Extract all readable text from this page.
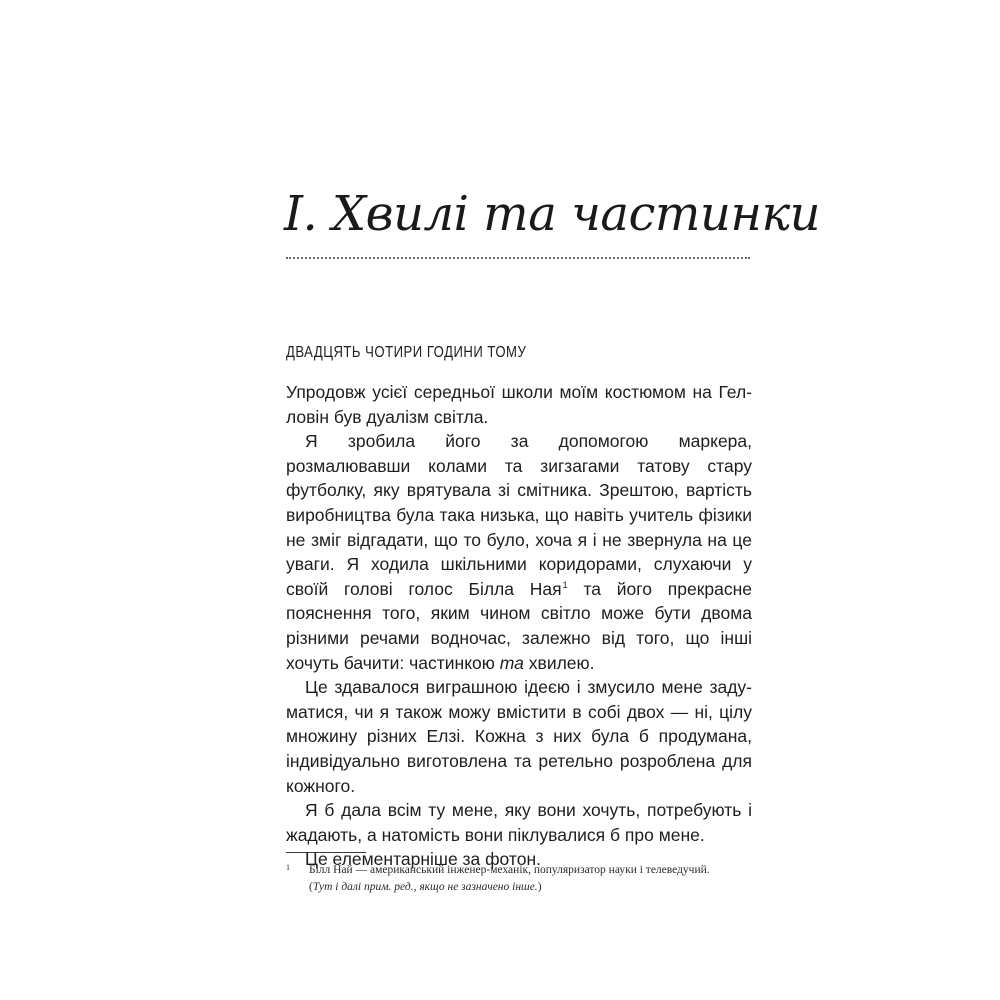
I. Хвилі та частинки
ДВАДЦЯТЬ ЧОТИРИ ГОДИНИ ТОМУ

Упродовж усієї середньої школи моїм костюмом на Гелловін був дуалізм світла.

Я зробила його за допомогою маркера, розмалювавши колами та зигзагами татову стару футболку, яку врятувала зі смітника. Зрештою, вартість виробництва була така низька, що навіть учитель фізики не зміг відгадати, що то було, хоча я і не звернула на це уваги. Я ходила шкільними коридорами, слухаючи у своїй голові голос Білла Ная$^1$ та його прекрасне пояснення того, яким чином світло може бути двома різними речами водночас, залежно від того, що інші хочуть бачити: частинкою та хвилею.

Це здавалося виграшною ідеєю і змусило мене задуматися, чи я також можу вмістити в собі двох — ні, цілу множину різних Елзі. Кожна з них була б продумана, індивідуально виготовлена та ретельно розроблена для кожного.

Я б дала всім ту мене, яку вони хочуть, потребують і жадають, а натомість вони піклувалися б про мене.

Це елементарніше за фотон.

1 Білл Най — американський інженер-механік, популяризатор науки і телеведучий.
(Тут і далі прим. ред., якщо не зазначено інше.)
